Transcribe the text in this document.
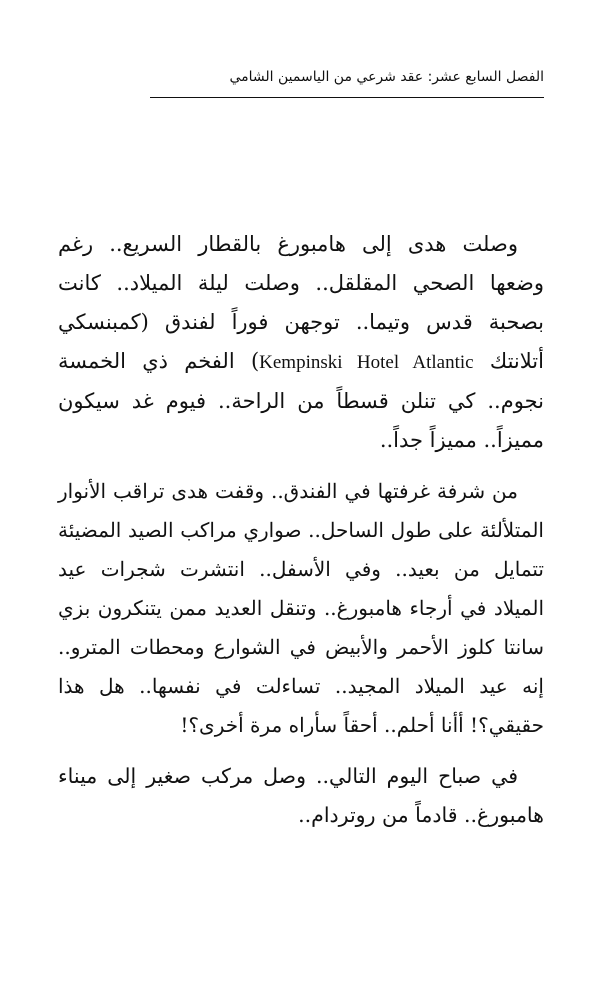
الفصل السابع عشر: عقد شرعي من الياسمين الشامي

وصلت هدى إلى هامبورغ بالقطار السريع.. رغم وضعها الصحي المقلقل.. وصلت ليلة الميلاد.. كانت بصحبة قدس وتيما.. توجهن فوراً لفندق (كمبنسكي أتلانتك Kempinski Hotel Atlantic) الفخم ذي الخمسة نجوم.. كي تنلن قسطاً من الراحة.. فيوم غد سيكون مميزاً.. مميزاً جداً..

من شرفة غرفتها في الفندق.. وقفت هدى تراقب الأنوار المتلألئة على طول الساحل.. صواري مراكب الصيد المضيئة تتمايل من بعيد.. وفي الأسفل.. انتشرت شجرات عيد الميلاد في أرجاء هامبورغ.. وتنقل العديد ممن يتنكرون بزي سانتا كلوز الأحمر والأبيض في الشوارع ومحطات المترو.. إنه عيد الميلاد المجيد.. تساءلت في نفسها.. هل هذا حقيقي؟! أأنا أحلم.. أحقاً سأراه مرة أخرى؟!

في صباح اليوم التالي.. وصل مركب صغير إلى ميناء هامبورغ.. قادماً من روتردام..
